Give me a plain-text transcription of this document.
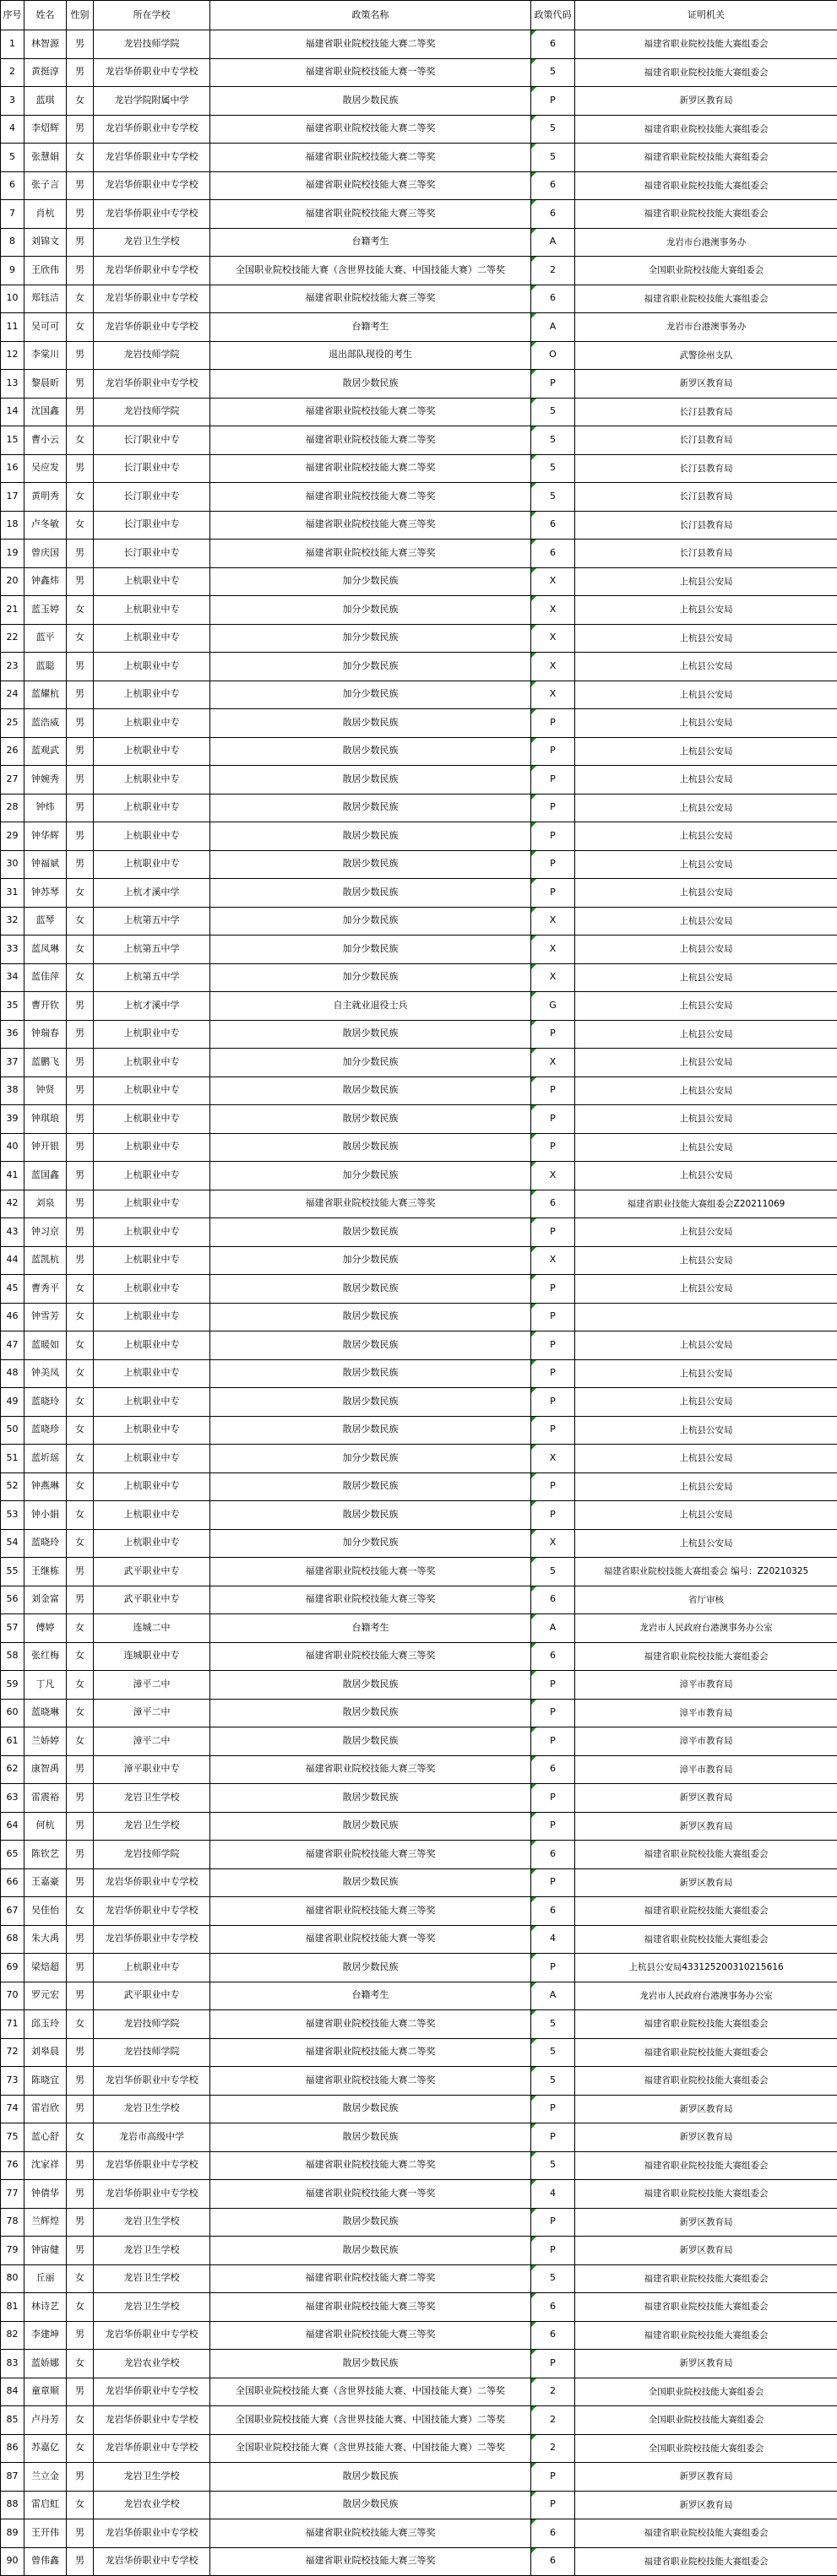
序号	姓名	性别	所在学校	政策名称	政策代码	证明机关
1	林智源	男	龙岩技师学院	福建省职业院校技能大赛二等奖	6	福建省职业院校技能大赛组委会
2	黄挺淳	男	龙岩华侨职业中专学校	福建省职业院校技能大赛一等奖	5	福建省职业院校技能大赛组委会
3	蓝琪	女	龙岩学院附属中学	散居少数民族	P	新罗区教育局
4	李炤辉	男	龙岩华侨职业中专学校	福建省职业院校技能大赛二等奖	5	福建省职业院校技能大赛组委会
5	张慧娟	女	龙岩华侨职业中专学校	福建省职业院校技能大赛二等奖	5	福建省职业院校技能大赛组委会
6	张子言	男	龙岩华侨职业中专学校	福建省职业院校技能大赛三等奖	6	福建省职业院校技能大赛组委会
7	肖杭	男	龙岩华侨职业中专学校	福建省职业院校技能大赛三等奖	6	福建省职业院校技能大赛组委会
8	刘锦文	男	龙岩卫生学校	台籍考生	A	龙岩市台港澳事务办
9	王欣伟	男	龙岩华侨职业中专学校	全国职业院校技能大赛（含世界技能大赛、中国技能大赛）二等奖	2	全国职业院校技能大赛组委会
10	郑钰洁	女	龙岩华侨职业中专学校	福建省职业院校技能大赛三等奖	6	福建省职业院校技能大赛组委会
11	吴可可	女	龙岩华侨职业中专学校	台籍考生	A	龙岩市台港澳事务办
12	李棠川	男	龙岩技师学院	退出部队现役的考生	O	武警徐州支队
13	黎晨昕	男	龙岩华侨职业中专学校	散居少数民族	P	新罗区教育局
14	沈国鑫	男	龙岩技师学院	福建省职业院校技能大赛二等奖	5	长汀县教育局
15	曹小云	女	长汀职业中专	福建省职业院校技能大赛二等奖	5	长汀县教育局
16	吴应发	男	长汀职业中专	福建省职业院校技能大赛二等奖	5	长汀县教育局
17	黄明秀	女	长汀职业中专	福建省职业院校技能大赛二等奖	5	长汀县教育局
18	卢冬敏	女	长汀职业中专	福建省职业院校技能大赛三等奖	6	长汀县教育局
19	曾庆国	男	长汀职业中专	福建省职业院校技能大赛三等奖	6	长汀县教育局
20	钟鑫炜	男	上杭职业中专	加分少数民族	X	上杭县公安局
21	蓝玉婷	女	上杭职业中专	加分少数民族	X	上杭县公安局
22	蓝平	女	上杭职业中专	加分少数民族	X	上杭县公安局
23	蓝聪	男	上杭职业中专	加分少数民族	X	上杭县公安局
24	蓝耀杭	男	上杭职业中专	加分少数民族	X	上杭县公安局
25	蓝浩威	男	上杭职业中专	散居少数民族	P	上杭县公安局
26	蓝观武	男	上杭职业中专	散居少数民族	P	上杭县公安局
27	钟婉秀	男	上杭职业中专	散居少数民族	P	上杭县公安局
28	钟炜	男	上杭职业中专	散居少数民族	P	上杭县公安局
29	钟华辉	男	上杭职业中专	散居少数民族	P	上杭县公安局
30	钟福斌	男	上杭职业中专	散居少数民族	P	上杭县公安局
31	钟苏琴	女	上杭才溪中学	散居少数民族	P	上杭县公安局
32	蓝琴	女	上杭第五中学	加分少数民族	X	上杭县公安局
33	蓝凤琳	女	上杭第五中学	加分少数民族	X	上杭县公安局
34	蓝佳萍	女	上杭第五中学	加分少数民族	X	上杭县公安局
35	曹开钦	男	上杭才溪中学	自主就业退役士兵	G	上杭县公安局
36	钟瑞春	男	上杭职业中专	散居少数民族	P	上杭县公安局
37	蓝鹏飞	男	上杭职业中专	加分少数民族	X	上杭县公安局
38	钟贤	男	上杭职业中专	散居少数民族	P	上杭县公安局
39	钟琪琅	男	上杭职业中专	散居少数民族	P	上杭县公安局
40	钟开银	男	上杭职业中专	散居少数民族	P	上杭县公安局
41	蓝国鑫	男	上杭职业中专	加分少数民族	X	上杭县公安局
42	刘泉	男	上杭职业中专	福建省职业院校技能大赛三等奖	6	福建省职业技能大赛组委会Z20211069
43	钟习京	男	上杭职业中专	散居少数民族	P	上杭县公安局
44	蓝凯杭	男	上杭职业中专	加分少数民族	X	上杭县公安局
45	曹秀平	女	上杭职业中专	散居少数民族	P	上杭县公安局
46	钟雪芳	女	上杭职业中专	散居少数民族	P	
47	蓝暖如	女	上杭职业中专	散居少数民族	P	上杭县公安局
48	钟美凤	女	上杭职业中专	散居少数民族	P	上杭县公安局
49	蓝晓玲	女	上杭职业中专	散居少数民族	P	上杭县公安局
50	蓝晓珍	女	上杭职业中专	散居少数民族	P	上杭县公安局
51	蓝圻瑶	女	上杭职业中专	加分少数民族	X	上杭县公安局
52	钟燕琳	女	上杭职业中专	散居少数民族	P	上杭县公安局
53	钟小娟	女	上杭职业中专	散居少数民族	P	上杭县公安局
54	蓝晓玲	女	上杭职业中专	加分少数民族	X	上杭县公安局
55	王继栋	男	武平职业中专	福建省职业院校技能大赛一等奖	5	福建省职业院校技能大赛组委会 编号：Z20210325
56	刘金富	男	武平职业中专	福建省职业院校技能大赛三等奖	6	省厅审核
57	傅婷	女	连城二中	台籍考生	A	龙岩市人民政府台港澳事务办公室
58	张红梅	女	连城职业中专	福建省职业院校技能大赛三等奖	6	福建省职业院校技能大赛组委会
59	丁凡	女	漳平二中	散居少数民族	P	漳平市教育局
60	蓝晓琳	女	漳平二中	散居少数民族	P	漳平市教育局
61	兰娇婷	女	漳平二中	散居少数民族	P	漳平市教育局
62	康智禹	男	漳平职业中专	福建省职业院校技能大赛三等奖	6	漳平市教育局
63	雷震裕	男	龙岩卫生学校	散居少数民族	P	新罗区教育局
64	何杭	男	龙岩卫生学校	散居少数民族	P	新罗区教育局
65	陈钦艺	男	龙岩技师学院	福建省职业院校技能大赛三等奖	6	福建省职业院校技能大赛组委会
66	王嘉豪	男	龙岩华侨职业中专学校	散居少数民族	P	新罗区教育局
67	吴佳怡	女	龙岩华侨职业中专学校	福建省职业院校技能大赛三等奖	6	福建省职业院校技能大赛组委会
68	朱大禹	男	龙岩华侨职业中专学校	福建省职业院校技能大赛一等奖	4	福建省职业院校技能大赛组委会
69	梁焙超	男	上杭职业中专	散居少数民族	P	上杭县公安局433125200310215616
70	罗元宏	男	武平职业中专	台籍考生	A	龙岩市人民政府台港澳事务办公室
71	邱玉玲	女	龙岩技师学院	福建省职业院校技能大赛二等奖	5	福建省职业院校技能大赛组委会
72	刘皋晨	男	龙岩技师学院	福建省职业院校技能大赛二等奖	5	福建省职业院校技能大赛组委会
73	陈晓宜	男	龙岩华侨职业中专学校	福建省职业院校技能大赛二等奖	5	福建省职业院校技能大赛组委会
74	雷岩欣	男	龙岩卫生学校	散居少数民族	P	新罗区教育局
75	蓝心舒	女	龙岩市高级中学	散居少数民族	P	新罗区教育局
76	沈家祥	男	龙岩华侨职业中专学校	福建省职业院校技能大赛二等奖	5	福建省职业院校技能大赛组委会
77	钟倩华	男	龙岩华侨职业中专学校	福建省职业院校技能大赛一等奖	4	福建省职业院校技能大赛组委会
78	兰辉煌	男	龙岩卫生学校	散居少数民族	P	新罗区教育局
79	钟宙健	男	龙岩卫生学校	散居少数民族	P	新罗区教育局
80	丘丽	女	龙岩卫生学校	福建省职业院校技能大赛二等奖	5	福建省职业院校技能大赛组委会
81	林诗艺	女	龙岩卫生学校	福建省职业院校技能大赛三等奖	6	福建省职业院校技能大赛组委会
82	李建坤	男	龙岩华侨职业中专学校	福建省职业院校技能大赛三等奖	6	福建省职业院校技能大赛组委会
83	蓝娇娜	女	龙岩农业学校	散居少数民族	P	新罗区教育局
84	童章顺	男	龙岩华侨职业中专学校	全国职业院校技能大赛（含世界技能大赛、中国技能大赛）二等奖	2	全国职业院校技能大赛组委会
85	卢丹芳	女	龙岩华侨职业中专学校	全国职业院校技能大赛（含世界技能大赛、中国技能大赛）二等奖	2	全国职业院校技能大赛组委会
86	苏嘉亿	女	龙岩华侨职业中专学校	全国职业院校技能大赛（含世界技能大赛、中国技能大赛）二等奖	2	全国职业院校技能大赛组委会
87	兰立金	男	龙岩卫生学校	散居少数民族	P	新罗区教育局
88	雷启虹	女	龙岩农业学校	散居少数民族	P	新罗区教育局
89	王开伟	男	龙岩华侨职业中专学校	福建省职业院校技能大赛三等奖	6	福建省职业院校技能大赛组委会
90	曾伟鑫	男	龙岩华侨职业中专学校	福建省职业院校技能大赛三等奖	6	福建省职业院校技能大赛组委会
